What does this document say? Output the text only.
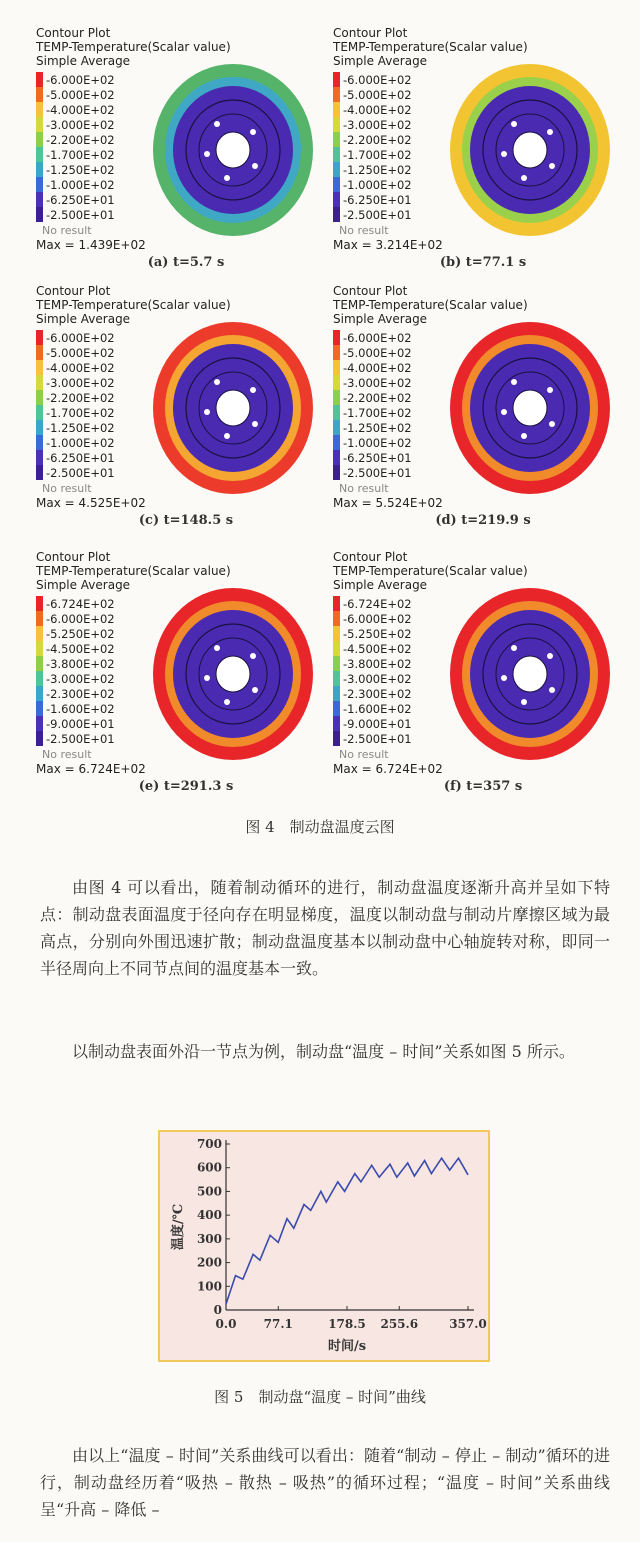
Contour Plot
TEMP-Temperature(Scalar value)
Simple Average
-6.000E+02
-5.000E+02
-4.000E+02
-3.000E+02
-2.200E+02
-1.700E+02
-1.250E+02
-1.000E+02
-6.250E+01
-2.500E+01
No result
Max = 1.439E+02
(a) t=5.7 s
Contour Plot
TEMP-Temperature(Scalar value)
Simple Average
-6.000E+02
-5.000E+02
-4.000E+02
-3.000E+02
-2.200E+02
-1.700E+02
-1.250E+02
-1.000E+02
-6.250E+01
-2.500E+01
No result
Max = 3.214E+02
(b) t=77.1 s
Contour Plot
TEMP-Temperature(Scalar value)
Simple Average
-6.000E+02
-5.000E+02
-4.000E+02
-3.000E+02
-2.200E+02
-1.700E+02
-1.250E+02
-1.000E+02
-6.250E+01
-2.500E+01
No result
Max = 4.525E+02
(c) t=148.5 s
Contour Plot
TEMP-Temperature(Scalar value)
Simple Average
-6.000E+02
-5.000E+02
-4.000E+02
-3.000E+02
-2.200E+02
-1.700E+02
-1.250E+02
-1.000E+02
-6.250E+01
-2.500E+01
No result
Max = 5.524E+02
(d) t=219.9 s
Contour Plot
TEMP-Temperature(Scalar value)
Simple Average
-6.724E+02
-6.000E+02
-5.250E+02
-4.500E+02
-3.800E+02
-3.000E+02
-2.300E+02
-1.600E+02
-9.000E+01
-2.500E+01
No result
Max = 6.724E+02
(e) t=291.3 s
Contour Plot
TEMP-Temperature(Scalar value)
Simple Average
-6.724E+02
-6.000E+02
-5.250E+02
-4.500E+02
-3.800E+02
-3.000E+02
-2.300E+02
-1.600E+02
-9.000E+01
-2.500E+01
No result
Max = 6.724E+02
(f) t=357 s
图 4　制动盘温度云图
由图 4 可以看出，随着制动循环的进行，制动盘温度逐渐升高并呈如下特点：制动盘表面温度于径向存在明显梯度，温度以制动盘与制动片摩擦区域为最高点，分别向外围迅速扩散；制动盘温度基本以制动盘中心轴旋转对称，即同一半径周向上不同节点间的温度基本一致。
以制动盘表面外沿一节点为例，制动盘“温度 – 时间”关系如图 5 所示。
0
100
200
300
400
500
600
700
0.0 77.1	178.5 255.6	357.0
时间/s
温度/℃
图 5　制动盘“温度 – 时间”曲线
由以上“温度 – 时间”关系曲线可以看出：随着“制动 – 停止 – 制动”循环的进行，制动盘经历着“吸热 – 散热 – 吸热”的循环过程；“温度 – 时间”关系曲线呈“升高 – 降低 –
